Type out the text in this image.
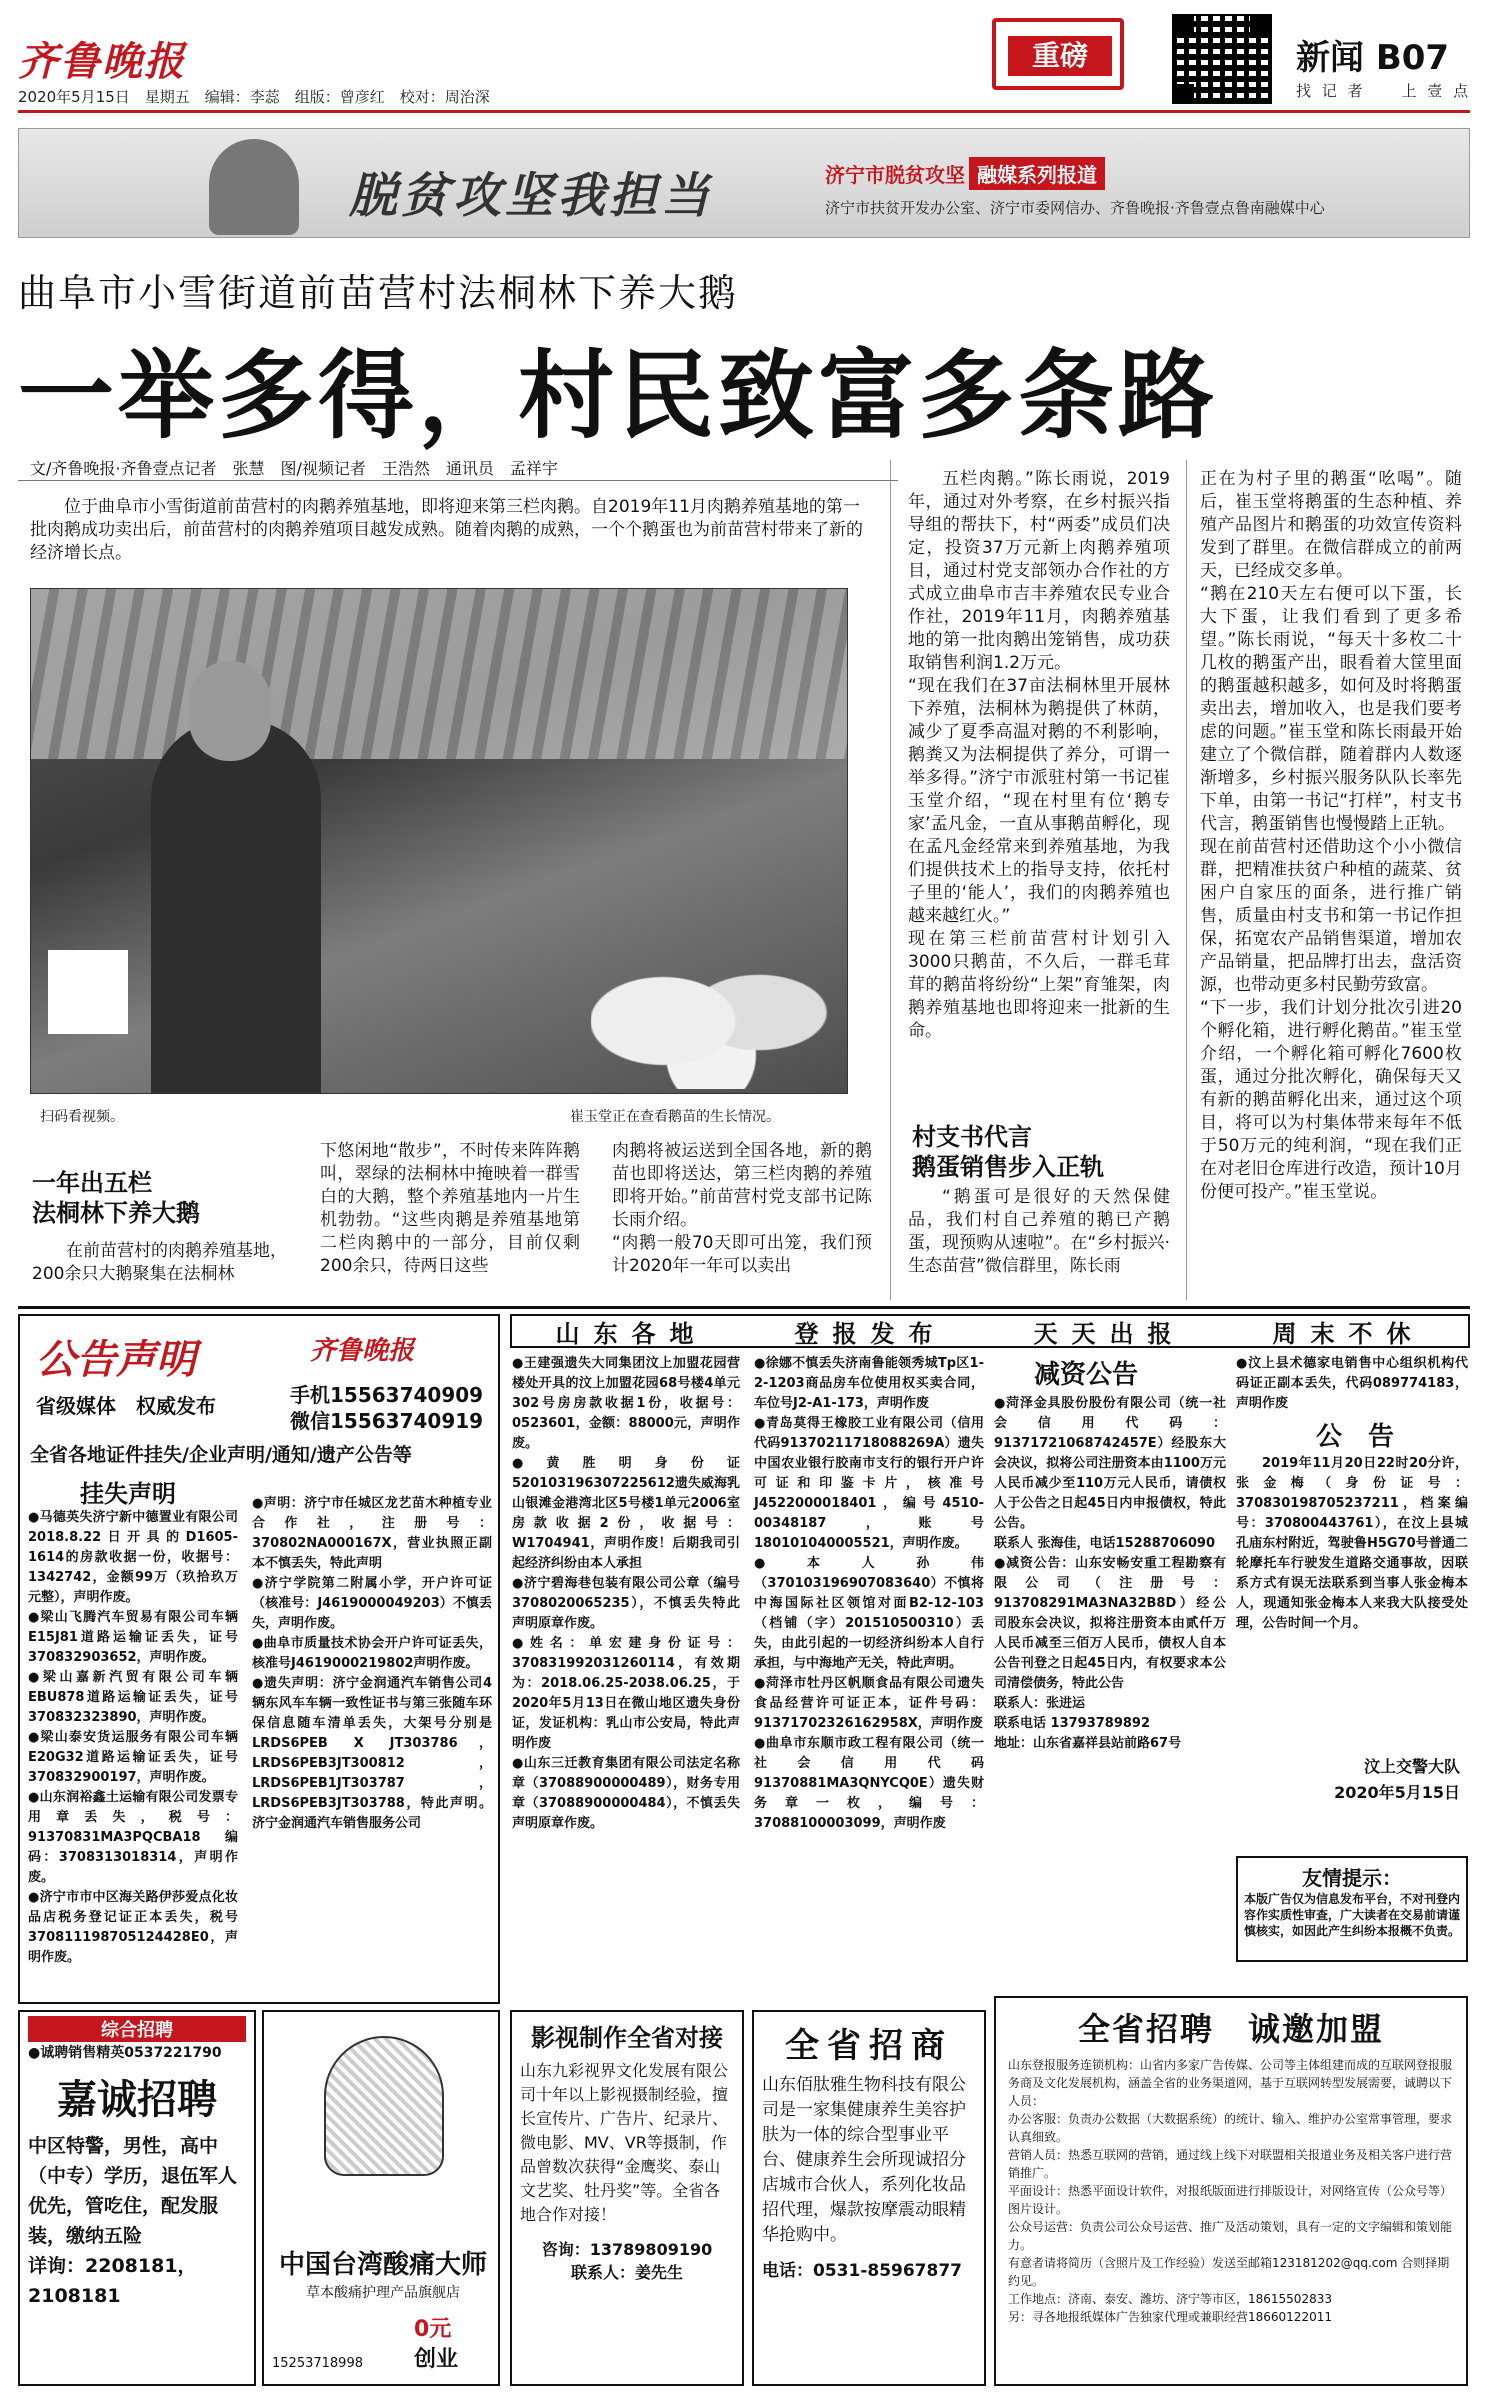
齐鲁晚报
2020年5月15日　星期五　编辑：李蕊　组版：曾彦红　校对：周治深
重磅	新闻 B07
找 记 者　　上 壹 点
脱贫攻坚我担当	济宁市脱贫攻坚 融媒系列报道
济宁市扶贫开发办公室、济宁市委网信办、齐鲁晚报·齐鲁壹点鲁南融媒中心
曲阜市小雪街道前苗营村法桐林下养大鹅
一举多得，村民致富多条路
文/齐鲁晚报·齐鲁壹点记者　张慧　图/视频记者　王浩然　通讯员　孟祥宇
位于曲阜市小雪街道前苗营村的肉鹅养殖基地，即将迎来第三栏肉鹅。自2019年11月肉鹅养殖基地的第一批肉鹅成功卖出后，前苗营村的肉鹅养殖项目越发成熟。随着肉鹅的成熟，一个个鹅蛋也为前苗营村带来了新的经济增长点。
扫码看视频。	崔玉堂正在查看鹅苗的生长情况。
一年出五栏
法桐林下养大鹅

在前苗营村的肉鹅养殖基地，200余只大鹅聚集在法桐林

下悠闲地“散步”，不时传来阵阵鹅叫，翠绿的法桐林中掩映着一群雪白的大鹅，整个养殖基地内一片生机勃勃。“这些肉鹅是养殖基地第二栏肉鹅中的一部分，目前仅剩200余只，待两日这些
肉鹅将被运送到全国各地，新的鹅苗也即将送达，第三栏肉鹅的养殖即将开始。”前苗营村党支部书记陈长雨介绍。
“肉鹅一般70天即可出笼，我们预计2020年一年可以卖出
五栏肉鹅。”陈长雨说，2019年，通过对外考察，在乡村振兴指导组的帮扶下，村“两委”成员们决定，投资37万元新上肉鹅养殖项目，通过村党支部领办合作社的方式成立曲阜市吉丰养殖农民专业合作社，2019年11月，肉鹅养殖基地的第一批肉鹅出笼销售，成功获取销售利润1.2万元。
“现在我们在37亩法桐林里开展林下养殖，法桐林为鹅提供了林荫，减少了夏季高温对鹅的不利影响，鹅粪又为法桐提供了养分，可谓一举多得。”济宁市派驻村第一书记崔玉堂介绍，“现在村里有位‘鹅专家’孟凡金，一直从事鹅苗孵化，现在孟凡金经常来到养殖基地，为我们提供技术上的指导支持，依托村子里的‘能人’，我们的肉鹅养殖也越来越红火。”
现在第三栏前苗营村计划引入3000只鹅苗，不久后，一群毛茸茸的鹅苗将纷纷“上架”育雏架，肉鹅养殖基地也即将迎来一批新的生命。
村支书代言
鹅蛋销售步入正轨
“鹅蛋可是很好的天然保健品，我们村自己养殖的鹅已产鹅蛋，现预购从速啦”。在“乡村振兴·生态苗营”微信群里，陈长雨
正在为村子里的鹅蛋“吆喝”。随后，崔玉堂将鹅蛋的生态种植、养殖产品图片和鹅蛋的功效宣传资料发到了群里。在微信群成立的前两天，已经成交多单。
“鹅在210天左右便可以下蛋，长大下蛋，让我们看到了更多希望。”陈长雨说，“每天十多枚二十几枚的鹅蛋产出，眼看着大筐里面的鹅蛋越积越多，如何及时将鹅蛋卖出去，增加收入，也是我们要考虑的问题。”崔玉堂和陈长雨最开始建立了个微信群，随着群内人数逐渐增多，乡村振兴服务队队长率先下单，由第一书记“打样”，村支书代言，鹅蛋销售也慢慢踏上正轨。
现在前苗营村还借助这个小小微信群，把精准扶贫户种植的蔬菜、贫困户自家压的面条，进行推广销售，质量由村支书和第一书记作担保，拓宽农产品销售渠道，增加农产品销量，把品牌打出去，盘活资源，也带动更多村民勤劳致富。
“下一步，我们计划分批次引进20个孵化箱，进行孵化鹅苗。”崔玉堂介绍，一个孵化箱可孵化7600枚蛋，通过分批次孵化，确保每天又有新的鹅苗孵化出来，通过这个项目，将可以为村集体带来每年不低于50万元的纯利润，“现在我们正在对老旧仓库进行改造，预计10月份便可投产。”崔玉堂说。
公告声明	齐鲁晚报
省级媒体　权威发布	手机15563740909
微信15563740919
全省各地证件挂失/企业声明/通知/遗产公告等
挂失声明
●马德英失济宁新中德置业有限公司2018.8.22日开具的D1605-1614的房款收据一份，收据号：1342742，金额99万（玖拾玖万元整），声明作废。
●梁山飞腾汽车贸易有限公司车辆E15J81道路运输证丢失，证号370832903652，声明作废。
●梁山嘉新汽贸有限公司车辆EBU878道路运输证丢失，证号370832323890，声明作废。
●梁山泰安货运服务有限公司车辆E20G32道路运输证丢失，证号370832900197，声明作废。
●山东润裕鑫土运输有限公司发票专用章丢失，税号：91370831MA3PQCBA18 编码：3708313018314，声明作废。
●济宁市市中区海关路伊莎爱点化妆品店税务登记证正本丢失，税号370811198705124428E0，声明作废。
●声明：济宁市任城区龙艺苗木种植专业合作社，注册号：370802NA000167X，营业执照正副本不慎丢失，特此声明
●济宁学院第二附属小学，开户许可证（核准号：J4619000049203）不慎丢失，声明作废。
●曲阜市质量技术协会开户许可证丢失，核准号J4619000219802声明作废。
●遗失声明：济宁金润通汽车销售公司4辆东风车车辆一致性证书与第三张随车环保信息随车清单丢失，大架号分别是LRDS6PEB X JT303786，LRDS6PEB3JT300812，LRDS6PEB1JT303787，LRDS6PEB3JT303788，特此声明。济宁金润通汽车销售服务公司
山东各地	登报发布	天天出报	周末不休
●王建强遗失大同集团汶上加盟花园营楼处开具的汶上加盟花园68号楼4单元302号房房款收据1份，收据号：0523601，金额：88000元，声明作废。
●黄胜明身份证520103196307225612遗失威海乳山银滩金港湾北区5号楼1单元2006室房款收据2份，收据号：W1704941，声明作废！后期我司引起经济纠纷由本人承担
●济宁碧海巷包装有限公司公章（编号3708020065235），不慎丢失特此声明原章作废。
●姓名：单宏建身份证号：370831992031260114，有效期为：2018.06.25-2038.06.25，于2020年5月13日在微山地区遗失身份证，发证机构：乳山市公安局，特此声明作废
●山东三迁教育集团有限公司法定名称章（37088900000489），财务专用章（37088900000484），不慎丢失声明原章作废。
●徐娜不慎丢失济南鲁能领秀城Tp区1-2-1203商品房车位使用权买卖合同，车位号J2-A1-173，声明作废
●青岛莫得王橡胶工业有限公司（信用代码91370211718088269A）遗失中国农业银行胶南市支行的银行开户许可证和印鉴卡片，核准号J4522000018401，编号4510-00348187，账号180101040005521，声明作废。
●本人孙伟（370103196907083640）不慎将中海国际社区领馆对面B2-12-103（档铺（字）201510500310）丢失，由此引起的一切经济纠纷本人自行承担，与中海地产无关，特此声明。
●菏泽市牡丹区帆顺食品有限公司遗失食品经营许可证正本，证件号码：91371702326162958X，声明作废
●曲阜市东顺市政工程有限公司（统一社会信用代码91370881MA3QNYCQ0E）遗失财务章一枚，编号：37088100003099，声明作废
减资公告
●菏泽金具股份股份有限公司（统一社会信用代码：91371721068742457E）经股东大会决议，拟将公司注册资本由1100万元人民币减少至110万元人民币，请债权人于公告之日起45日内申报债权，特此公告。
联系人 张海佳，电话15288706090
●减资公告：山东安畅安重工程勘察有限公司（注册号：913708291MA3NA32B8D）经公司股东会决议，拟将注册资本由贰仟万人民币减至三佰万人民币，债权人自本公告刊登之日起45日内，有权要求本公司清偿债务，特此公告
联系人：张进运
联系电话 13793789892
地址：山东省嘉祥县站前路67号
●汶上县术德家电销售中心组织机构代码证正副本丢失，代码089774183，声明作废
公　告
2019年11月20日22时20分许，张金梅（身份证号：370830198705237211，档案编号：370800443761），在汶上县城孔庙东村附近，驾驶鲁H5G70号普通二轮摩托车行驶发生道路交通事故，因联系方式有误无法联系到当事人张金梅本人，现通知张金梅本人来我大队接受处理，公告时间一个月。
汶上交警大队
2020年5月15日
友情提示：
本版广告仅为信息发布平台，不对刊登内容作实质性审查，广大读者在交易前请谨慎核实，如因此产生纠纷本报概不负责。
全省招聘　诚邀加盟
山东登报服务连锁机构：山省内多家广告传媒、公司等主体组建而成的互联网登报服务商及文化发展机构，涵盖全省的业务渠道网，基于互联网转型发展需要，诚聘以下人员：
办公客服：负责办公数据（大数据系统）的统计、输入、维护办公室常事管理，要求认真细致。
营销人员：热悉互联网的营销，通过线上线下对联盟相关报道业务及相关客户进行营销推广。
平面设计：热悉平面设计软件，对报纸版面进行排版设计，对网络宣传（公众号等）图片设计。
公众号运营：负责公司公众号运营、推广及活动策划，具有一定的文字编辑和策划能力。
有意者请将简历（含照片及工作经验）发送至邮箱123181202@qq.com 合则择期约见。
工作地点：济南、泰安、潍坊、济宁等市区，18615502833
另：寻各地报纸媒体广告独家代理或兼职经营18660122011
综合招聘
●诚聘销售精英0537221790
嘉诚招聘
中区特警，男性，高中（中专）学历，退伍军人优先，管吃住，配发服装，缴纳五险
详询：2208181，2108181
中国台湾酸痛大师
草本酸痛护理产品旗舰店
0元
创业
15253718998
影视制作全省对接
山东九彩视界文化发展有限公司十年以上影视摄制经验，擅长宣传片、广告片、纪录片、微电影、MV、VR等摄制，作品曾数次获得“金鹰奖、泰山文艺奖、牡丹奖”等。全省各地合作对接！
咨询：13789809190
联系人：姜先生
全省招商
山东佰肽雅生物科技有限公司是一家集健康养生美容护肤为一体的综合型事业平台、健康养生会所现诚招分店城市合伙人，系列化妆品招代理，爆款按摩震动眼精华抢购中。
电话：0531-85967877
